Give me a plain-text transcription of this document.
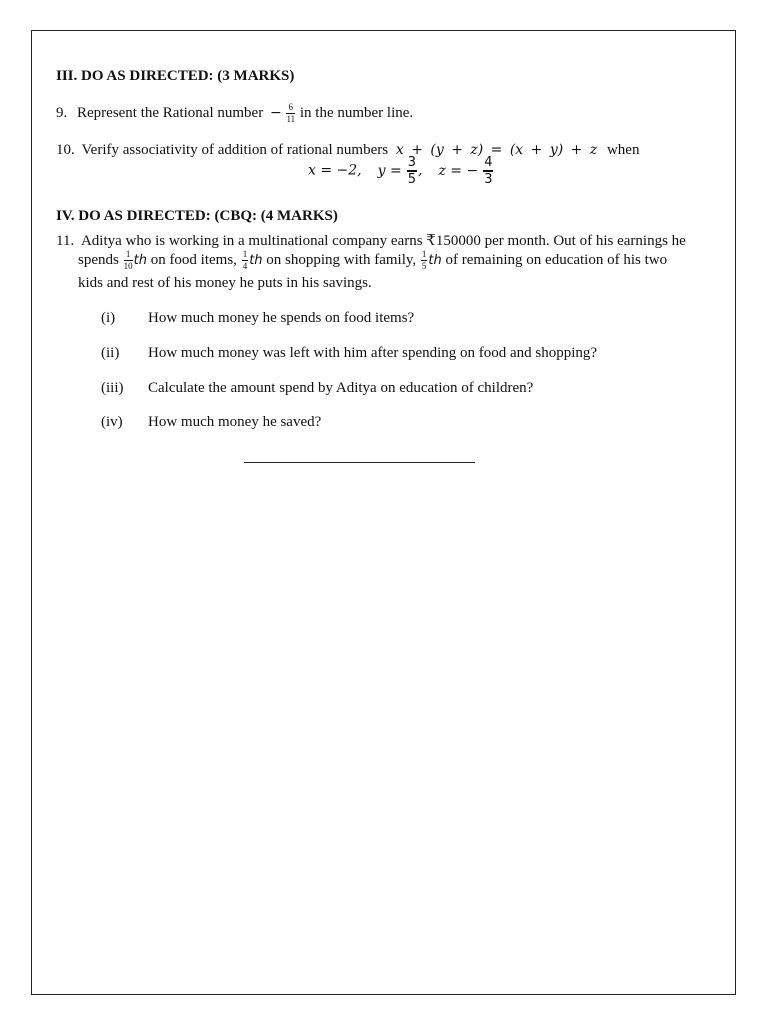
III. DO AS DIRECTED: (3 MARKS)
9. Represent the Rational number − $\frac{6}{11}$ in the number line.
10. Verify associativity of addition of rational numbers x + (y + z) = (x + y) + z when
x = −2, $y = \frac{3}{5}$ , z = − $\frac{4}{3}$
IV. DO AS DIRECTED: (CBQ: (4 MARKS)
11. Aditya who is working in a multinational company earns ₹150000 per month. Out of his earnings he
spends $\frac{1}{10}$ th on food items, $\frac{1}{4}$ th on shopping with family, $\frac{1}{5}$ th of remaining on education of his two
kids and rest of his money he puts in his savings.
(i) How much money he spends on food items?
(ii) How much money was left with him after spending on food and shopping?
(iii) Calculate the amount spend by Aditya on education of children?
(iv) How much money he saved?
